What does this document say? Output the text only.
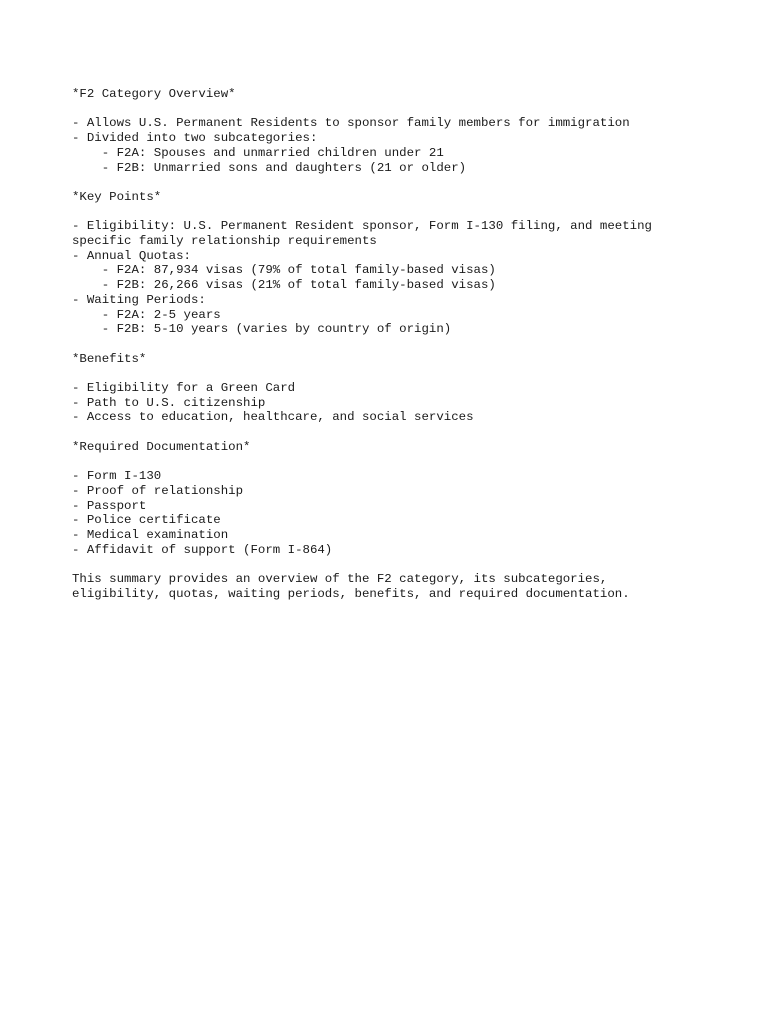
*F2 Category Overview*
- Allows U.S. Permanent Residents to sponsor family members for immigration
- Divided into two subcategories:
- F2A: Spouses and unmarried children under 21
- F2B: Unmarried sons and daughters (21 or older)
*Key Points*
- Eligibility: U.S. Permanent Resident sponsor, Form I-130 filing, and meeting
specific family relationship requirements
- Annual Quotas:
- F2A: 87,934 visas (79% of total family-based visas)
- F2B: 26,266 visas (21% of total family-based visas)
- Waiting Periods:
- F2A: 2-5 years
- F2B: 5-10 years (varies by country of origin)
*Benefits*
- Eligibility for a Green Card
- Path to U.S. citizenship
- Access to education, healthcare, and social services
*Required Documentation*
- Form I-130
- Proof of relationship
- Passport
- Police certificate
- Medical examination
- Affidavit of support (Form I-864)
This summary provides an overview of the F2 category, its subcategories,
eligibility, quotas, waiting periods, benefits, and required documentation.
